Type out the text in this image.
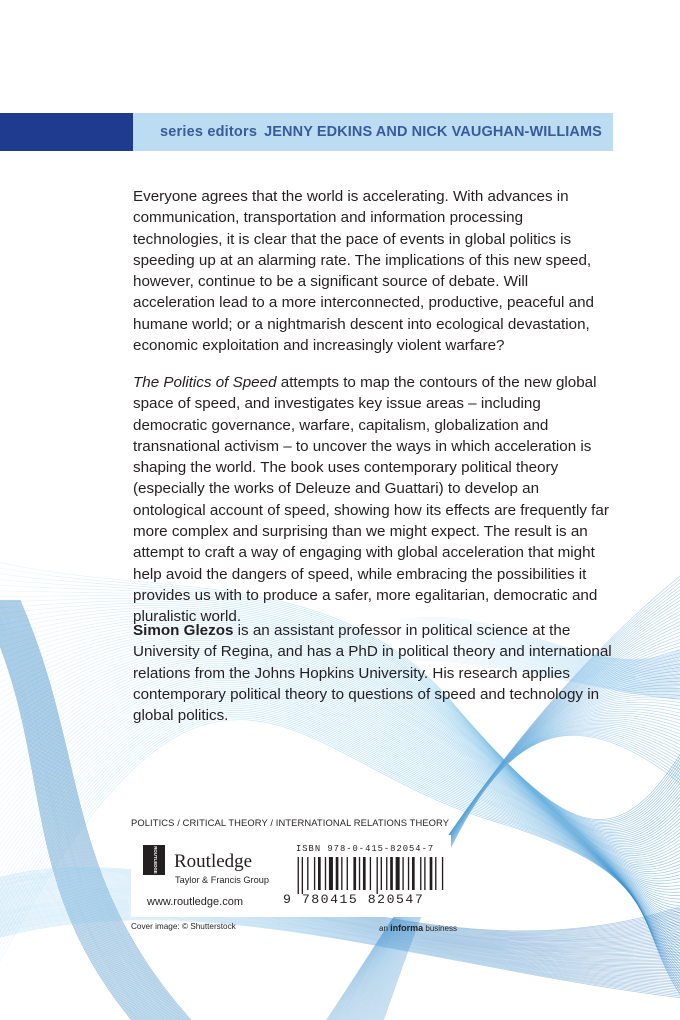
series editors JENNY EDKINS AND NICK VAUGHAN-WILLIAMS

Everyone agrees that the world is accelerating. With advances in communication, transportation and information processing technologies, it is clear that the pace of events in global politics is speeding up at an alarming rate. The implications of this new speed, however, continue to be a significant source of debate. Will acceleration lead to a more interconnected, productive, peaceful and humane world; or a nightmarish descent into ecological devastation, economic exploitation and increasingly violent warfare?

The Politics of Speed attempts to map the contours of the new global space of speed, and investigates key issue areas – including democratic governance, warfare, capitalism, globalization and transnational activism – to uncover the ways in which acceleration is shaping the world. The book uses contemporary political theory (especially the works of Deleuze and Guattari) to develop an ontological account of speed, showing how its effects are frequently far more complex and surprising than we might expect. The result is an attempt to craft a way of engaging with global acceleration that might help avoid the dangers of speed, while embracing the possibilities it provides us with to produce a safer, more egalitarian, democratic and pluralistic world.

Simon Glezos is an assistant professor in political science at the University of Regina, and has a PhD in political theory and international relations from the Johns Hopkins University. His research applies contemporary political theory to questions of speed and technology in global politics.

POLITICS / CRITICAL THEORY / INTERNATIONAL RELATIONS THEORY
ROUTLEDGE Routledge
Taylor & Francis Group
www.routledge.com
ISBN 978-0-415-82054-7
9 780415 820547
Cover image: © Shutterstock	an informa business
